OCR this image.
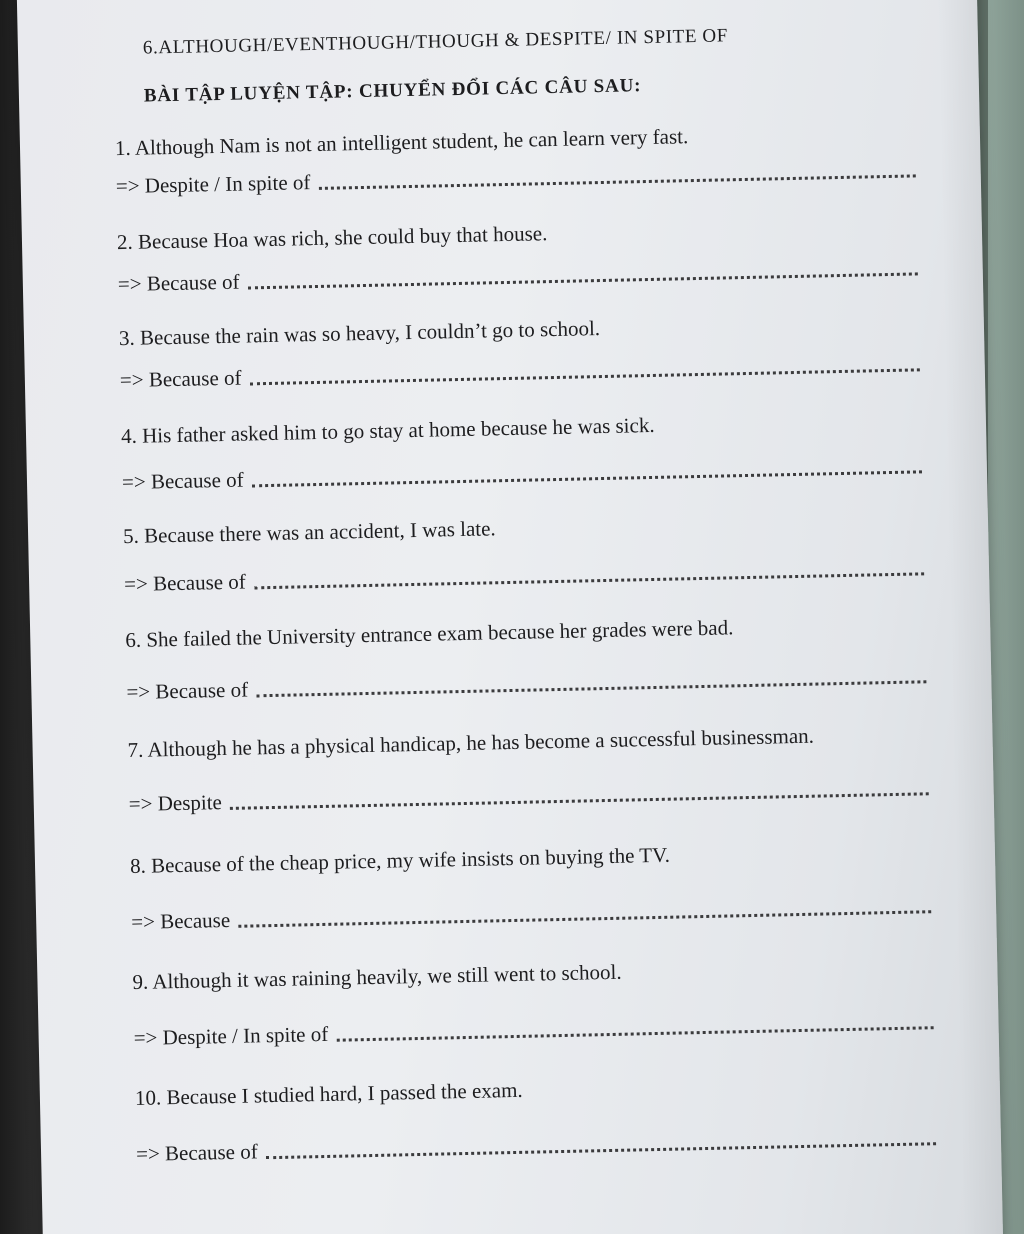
6.ALTHOUGH/EVENTHOUGH/THOUGH & DESPITE/ IN SPITE OF
BÀI TẬP LUYỆN TẬP: CHUYỂN ĐỔI CÁC CÂU SAU:
1. Although Nam is not an intelligent student, he can learn very fast.
=> Despite / In spite of
2. Because Hoa was rich, she could buy that house.
=> Because of
3. Because the rain was so heavy, I couldn’t go to school.
=> Because of
4. His father asked him to go stay at home because he was sick.
=> Because of
5. Because there was an accident, I was late.
=> Because of
6. She failed the University entrance exam because her grades were bad.
=> Because of
7. Although he has a physical handicap, he has become a successful businessman.
=> Despite
8. Because of the cheap price, my wife insists on buying the TV.
=> Because
9. Although it was raining heavily, we still went to school.
=> Despite / In spite of
10. Because I studied hard, I passed the exam.
=> Because of
